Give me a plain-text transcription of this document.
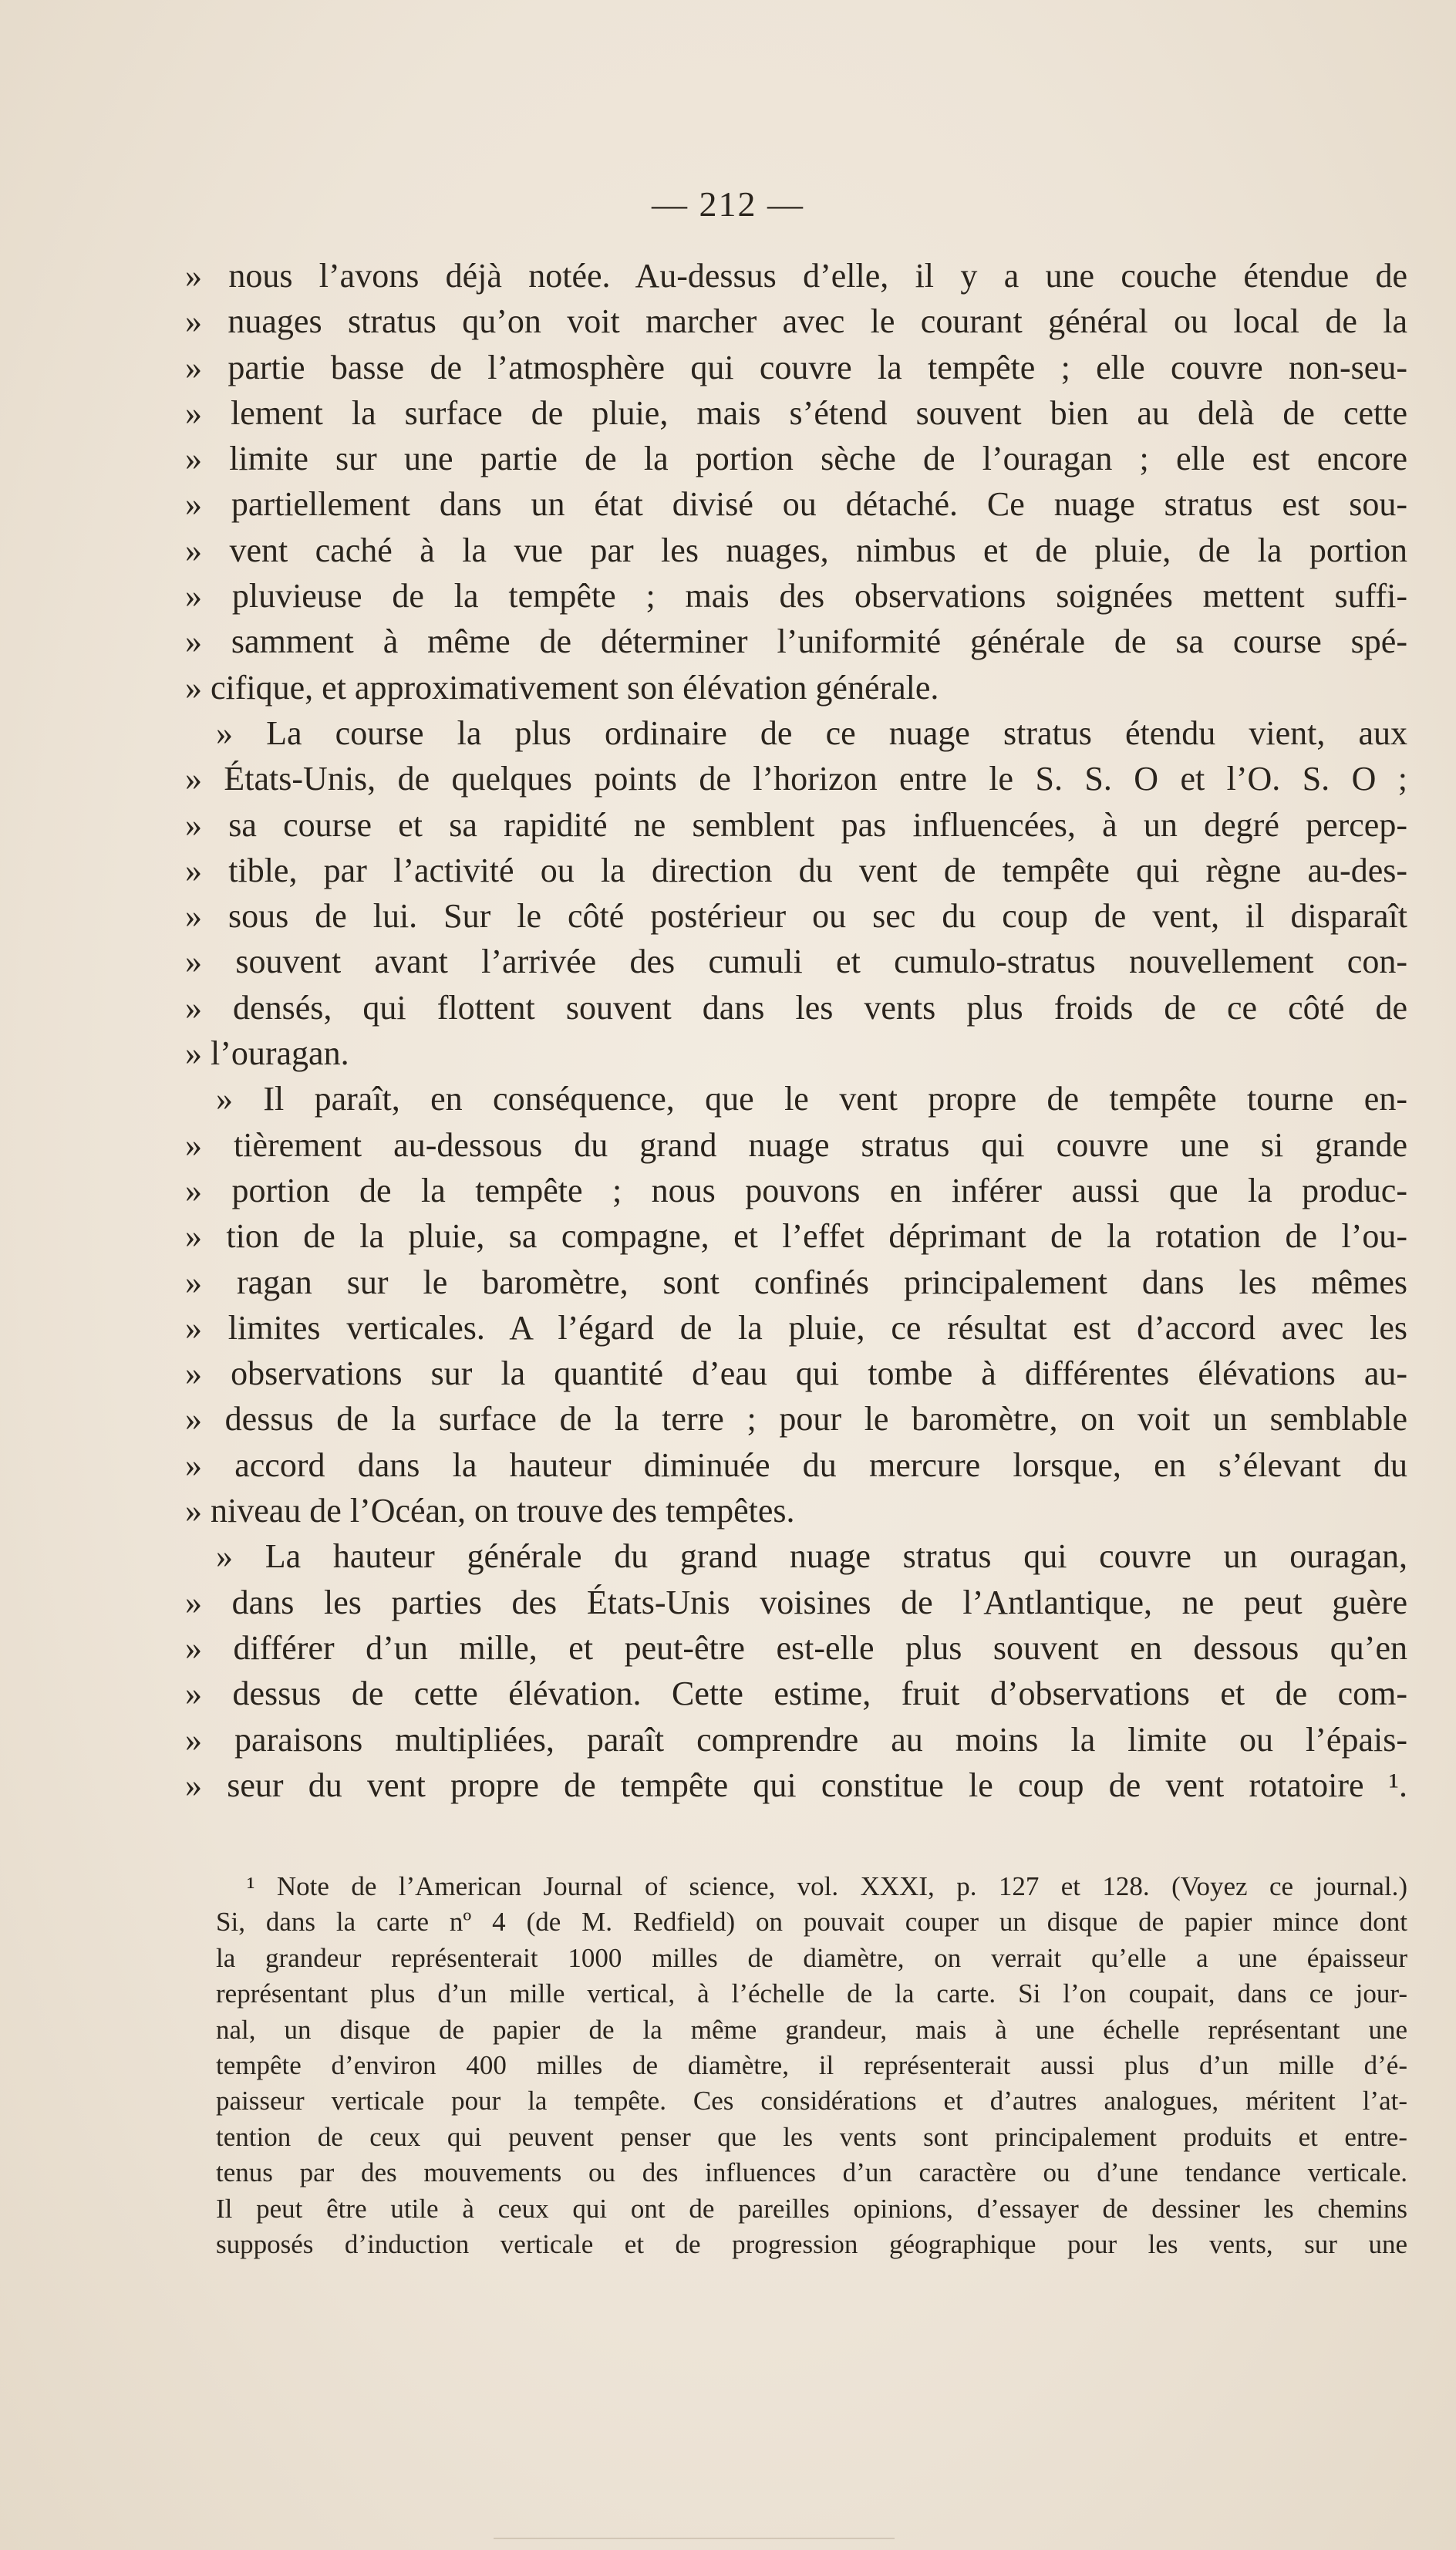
— 212 —
» nous l’avons déjà notée. Au-dessus d’elle, il y a une couche étendue de
» nuages stratus qu’on voit marcher avec le courant général ou local de la
» partie basse de l’atmosphère qui couvre la tempête ; elle couvre non-seu-
» lement la surface de pluie, mais s’étend souvent bien au delà de cette
» limite sur une partie de la portion sèche de l’ouragan ; elle est encore
» partiellement dans un état divisé ou détaché. Ce nuage stratus est sou-
» vent caché à la vue par les nuages, nimbus et de pluie, de la portion
» pluvieuse de la tempête ; mais des observations soignées mettent suffi-
» samment à même de déterminer l’uniformité générale de sa course spé-
» cifique, et approximativement son élévation générale.
» La course la plus ordinaire de ce nuage stratus étendu vient, aux
» États-Unis, de quelques points de l’horizon entre le S. S. O et l’O. S. O ;
» sa course et sa rapidité ne semblent pas influencées, à un degré percep-
» tible, par l’activité ou la direction du vent de tempête qui règne au-des-
» sous de lui. Sur le côté postérieur ou sec du coup de vent, il disparaît
» souvent avant l’arrivée des cumuli et cumulo-stratus nouvellement con-
» densés, qui flottent souvent dans les vents plus froids de ce côté de
» l’ouragan.
» Il paraît, en conséquence, que le vent propre de tempête tourne en-
» tièrement au-dessous du grand nuage stratus qui couvre une si grande
» portion de la tempête ; nous pouvons en inférer aussi que la produc-
» tion de la pluie, sa compagne, et l’effet déprimant de la rotation de l’ou-
» ragan sur le baromètre, sont confinés principalement dans les mêmes
» limites verticales. A l’égard de la pluie, ce résultat est d’accord avec les
» observations sur la quantité d’eau qui tombe à différentes élévations au-
» dessus de la surface de la terre ; pour le baromètre, on voit un semblable
» accord dans la hauteur diminuée du mercure lorsque, en s’élevant du
» niveau de l’Océan, on trouve des tempêtes.
» La hauteur générale du grand nuage stratus qui couvre un ouragan,
» dans les parties des États-Unis voisines de l’Antlantique, ne peut guère
» différer d’un mille, et peut-être est-elle plus souvent en dessous qu’en
» dessus de cette élévation. Cette estime, fruit d’observations et de com-
» paraisons multipliées, paraît comprendre au moins la limite ou l’épais-
» seur du vent propre de tempête qui constitue le coup de vent rotatoire ¹.
¹ Note de l’American Journal of science, vol. XXXI, p. 127 et 128. (Voyez ce journal.)
Si, dans la carte nº 4 (de M. Redfield) on pouvait couper un disque de papier mince dont
la grandeur représenterait 1000 milles de diamètre, on verrait qu’elle a une épaisseur
représentant plus d’un mille vertical, à l’échelle de la carte. Si l’on coupait, dans ce jour-
nal, un disque de papier de la même grandeur, mais à une échelle représentant une
tempête d’environ 400 milles de diamètre, il représenterait aussi plus d’un mille d’é-
paisseur verticale pour la tempête. Ces considérations et d’autres analogues, méritent l’at-
tention de ceux qui peuvent penser que les vents sont principalement produits et entre-
tenus par des mouvements ou des influences d’un caractère ou d’une tendance verticale.
Il peut être utile à ceux qui ont de pareilles opinions, d’essayer de dessiner les chemins
supposés d’induction verticale et de progression géographique pour les vents, sur une
